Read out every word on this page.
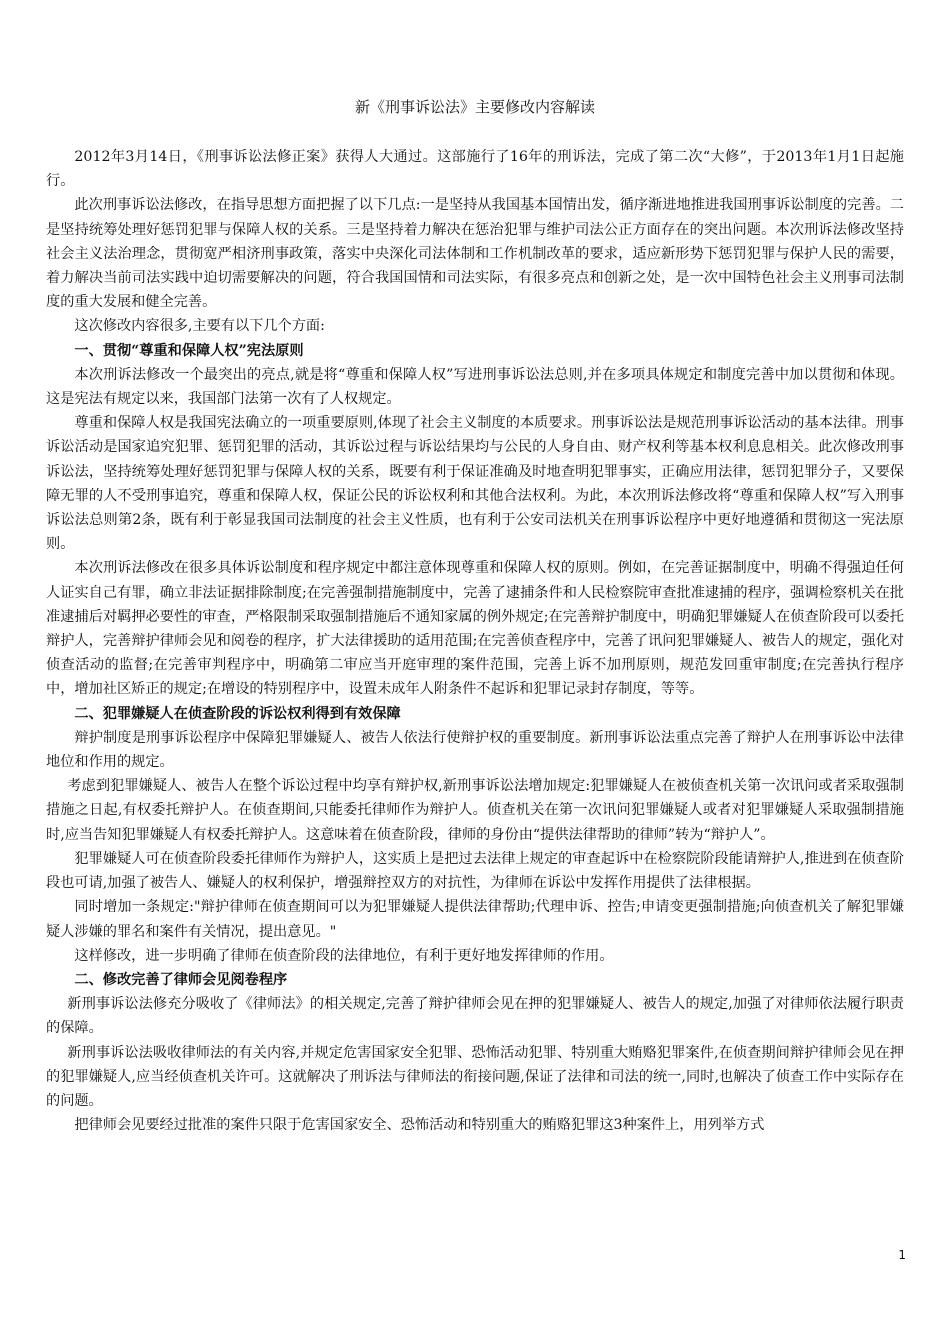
新《刑事诉讼法》主要修改内容解读

2012年3月14日，《刑事诉讼法修正案》获得人大通过。这部施行了16年的刑诉法，完成了第二次“大修”，于2013年1月1日起施行。

此次刑事诉讼法修改，在指导思想方面把握了以下几点:一是坚持从我国基本国情出发，循序渐进地推进我国刑事诉讼制度的完善。二是坚持统筹处理好惩罚犯罪与保障人权的关系。三是坚持着力解决在惩治犯罪与维护司法公正方面存在的突出问题。本次刑诉法修改坚持社会主义法治理念，贯彻宽严相济刑事政策，落实中央深化司法体制和工作机制改革的要求，适应新形势下惩罚犯罪与保护人民的需要，着力解决当前司法实践中迫切需要解决的问题，符合我国国情和司法实际，有很多亮点和创新之处，是一次中国特色社会主义刑事司法制度的重大发展和健全完善。

这次修改内容很多,主要有以下几个方面:

一、贯彻“尊重和保障人权”宪法原则

本次刑诉法修改一个最突出的亮点,就是将“尊重和保障人权”写进刑事诉讼法总则,并在多项具体规定和制度完善中加以贯彻和体现。这是宪法有规定以来，我国部门法第一次有了人权规定。

尊重和保障人权是我国宪法确立的一项重要原则,体现了社会主义制度的本质要求。刑事诉讼法是规范刑事诉讼活动的基本法律。刑事诉讼活动是国家追究犯罪、惩罚犯罪的活动，其诉讼过程与诉讼结果均与公民的人身自由、财产权利等基本权利息息相关。此次修改刑事诉讼法，坚持统筹处理好惩罚犯罪与保障人权的关系，既要有利于保证准确及时地查明犯罪事实，正确应用法律，惩罚犯罪分子，又要保障无罪的人不受刑事追究，尊重和保障人权，保证公民的诉讼权利和其他合法权利。为此，本次刑诉法修改将“尊重和保障人权”写入刑事诉讼法总则第2条，既有利于彰显我国司法制度的社会主义性质，也有利于公安司法机关在刑事诉讼程序中更好地遵循和贯彻这一宪法原则。

本次刑诉法修改在很多具体诉讼制度和程序规定中都注意体现尊重和保障人权的原则。例如，在完善证据制度中，明确不得强迫任何人证实自己有罪，确立非法证据排除制度;在完善强制措施制度中，完善了逮捕条件和人民检察院审查批准逮捕的程序，强调检察机关在批准逮捕后对羁押必要性的审查，严格限制采取强制措施后不通知家属的例外规定;在完善辩护制度中，明确犯罪嫌疑人在侦查阶段可以委托辩护人，完善辩护律师会见和阅卷的程序，扩大法律援助的适用范围;在完善侦查程序中，完善了讯问犯罪嫌疑人、被告人的规定，强化对侦查活动的监督;在完善审判程序中，明确第二审应当开庭审理的案件范围，完善上诉不加刑原则，规范发回重审制度;在完善执行程序中，增加社区矫正的规定;在增设的特别程序中，设置未成年人附条件不起诉和犯罪记录封存制度，等等。

二、犯罪嫌疑人在侦查阶段的诉讼权利得到有效保障

辩护制度是刑事诉讼程序中保障犯罪嫌疑人、被告人依法行使辩护权的重要制度。新刑事诉讼法重点完善了辩护人在刑事诉讼中法律地位和作用的规定。

考虑到犯罪嫌疑人、被告人在整个诉讼过程中均享有辩护权,新刑事诉讼法增加规定:犯罪嫌疑人在被侦查机关第一次讯问或者采取强制措施之日起,有权委托辩护人。在侦查期间,只能委托律师作为辩护人。侦查机关在第一次讯问犯罪嫌疑人或者对犯罪嫌疑人采取强制措施时,应当告知犯罪嫌疑人有权委托辩护人。这意味着在侦查阶段，律师的身份由“提供法律帮助的律师”转为“辩护人”。

犯罪嫌疑人可在侦查阶段委托律师作为辩护人，这实质上是把过去法律上规定的审查起诉中在检察院阶段能请辩护人,推进到在侦查阶段也可请,加强了被告人、嫌疑人的权利保护，增强辩控双方的对抗性，为律师在诉讼中发挥作用提供了法律根据。

同时增加一条规定:"辩护律师在侦查期间可以为犯罪嫌疑人提供法律帮助;代理申诉、控告;申请变更强制措施;向侦查机关了解犯罪嫌疑人涉嫌的罪名和案件有关情况，提出意见。"

这样修改，进一步明确了律师在侦查阶段的法律地位，有利于更好地发挥律师的作用。

二、修改完善了律师会见阅卷程序

新刑事诉讼法修充分吸收了《律师法》的相关规定,完善了辩护律师会见在押的犯罪嫌疑人、被告人的规定,加强了对律师依法履行职责的保障。

新刑事诉讼法吸收律师法的有关内容,并规定危害国家安全犯罪、恐怖活动犯罪、特别重大贿赂犯罪案件,在侦查期间辩护律师会见在押的犯罪嫌疑人,应当经侦查机关许可。这就解决了刑诉法与律师法的衔接问题,保证了法律和司法的统一,同时,也解决了侦查工作中实际存在的问题。

把律师会见要经过批准的案件只限于危害国家安全、恐怖活动和特别重大的贿赂犯罪这3种案件上，用列举方式

1
